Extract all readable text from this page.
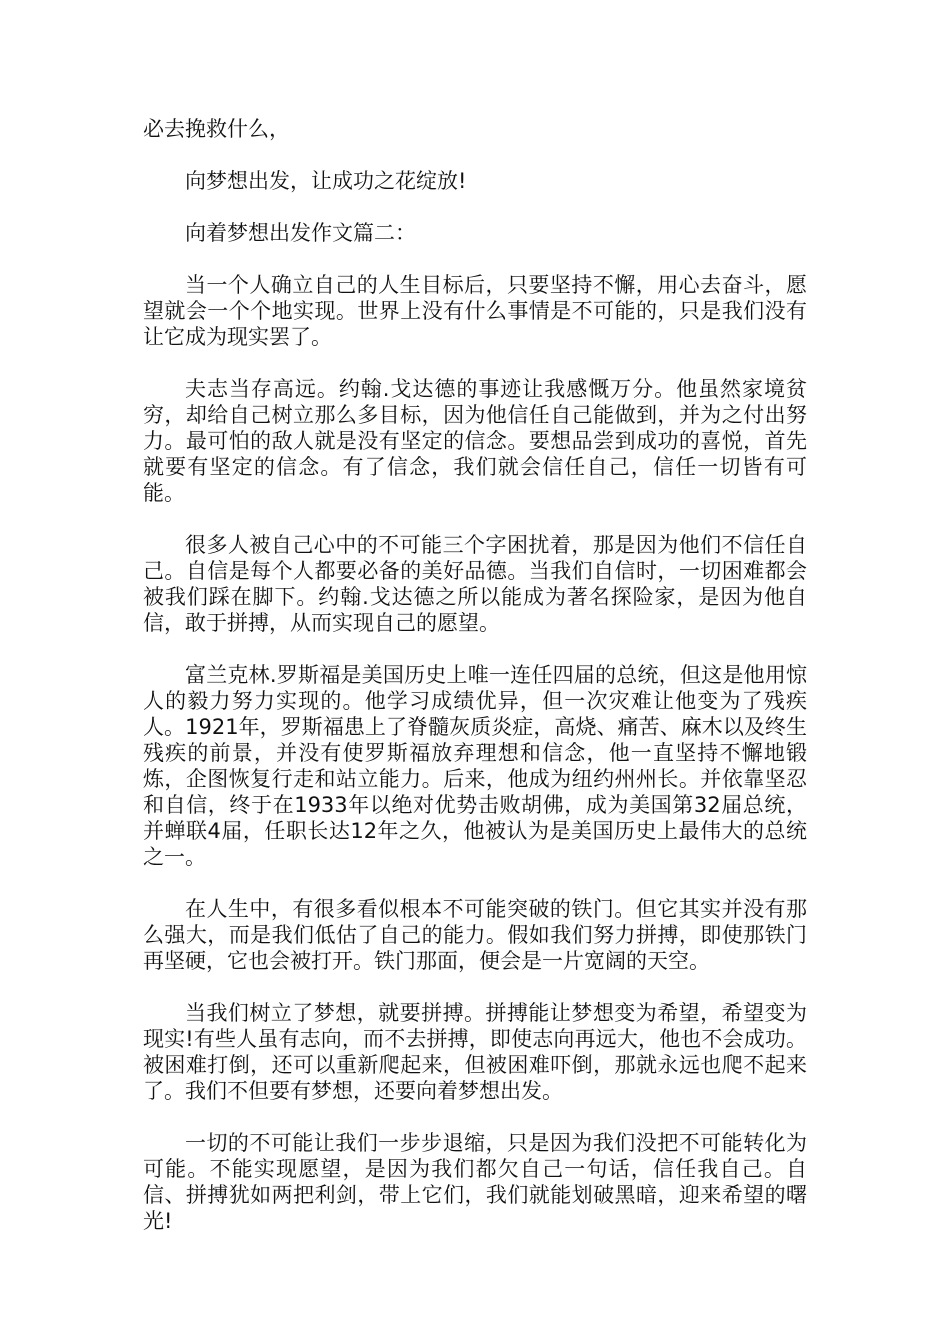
必去挽救什么，

向梦想出发，让成功之花绽放!

向着梦想出发作文篇二：

当一个人确立自己的人生目标后，只要坚持不懈，用心去奋斗，愿望就会一个个地实现。世界上没有什么事情是不可能的，只是我们没有让它成为现实罢了。

夫志当存高远。约翰.戈达德的事迹让我感慨万分。他虽然家境贫穷，却给自己树立那么多目标，因为他信任自己能做到，并为之付出努力。最可怕的敌人就是没有坚定的信念。要想品尝到成功的喜悦，首先就要有坚定的信念。有了信念，我们就会信任自己，信任一切皆有可能。

很多人被自己心中的不可能三个字困扰着，那是因为他们不信任自己。自信是每个人都要必备的美好品德。当我们自信时，一切困难都会被我们踩在脚下。约翰.戈达德之所以能成为著名探险家，是因为他自信，敢于拼搏，从而实现自己的愿望。

富兰克林.罗斯福是美国历史上唯一连任四届的总统，但这是他用惊人的毅力努力实现的。他学习成绩优异，但一次灾难让他变为了残疾人。1921年，罗斯福患上了脊髓灰质炎症，高烧、痛苦、麻木以及终生残疾的前景，并没有使罗斯福放弃理想和信念，他一直坚持不懈地锻炼，企图恢复行走和站立能力。后来，他成为纽约州州长。并依靠坚忍和自信，终于在1933年以绝对优势击败胡佛，成为美国第32届总统，并蝉联4届，任职长达12年之久，他被认为是美国历史上最伟大的总统之一。

在人生中，有很多看似根本不可能突破的铁门。但它其实并没有那么强大，而是我们低估了自己的能力。假如我们努力拼搏，即使那铁门再坚硬，它也会被打开。铁门那面，便会是一片宽阔的天空。

当我们树立了梦想，就要拼搏。拼搏能让梦想变为希望，希望变为现实!有些人虽有志向，而不去拼搏，即使志向再远大，他也不会成功。被困难打倒，还可以重新爬起来，但被困难吓倒，那就永远也爬不起来了。我们不但要有梦想，还要向着梦想出发。

一切的不可能让我们一步步退缩，只是因为我们没把不可能转化为可能。不能实现愿望，是因为我们都欠自己一句话，信任我自己。自信、拼搏犹如两把利剑，带上它们，我们就能划破黑暗，迎来希望的曙光!
